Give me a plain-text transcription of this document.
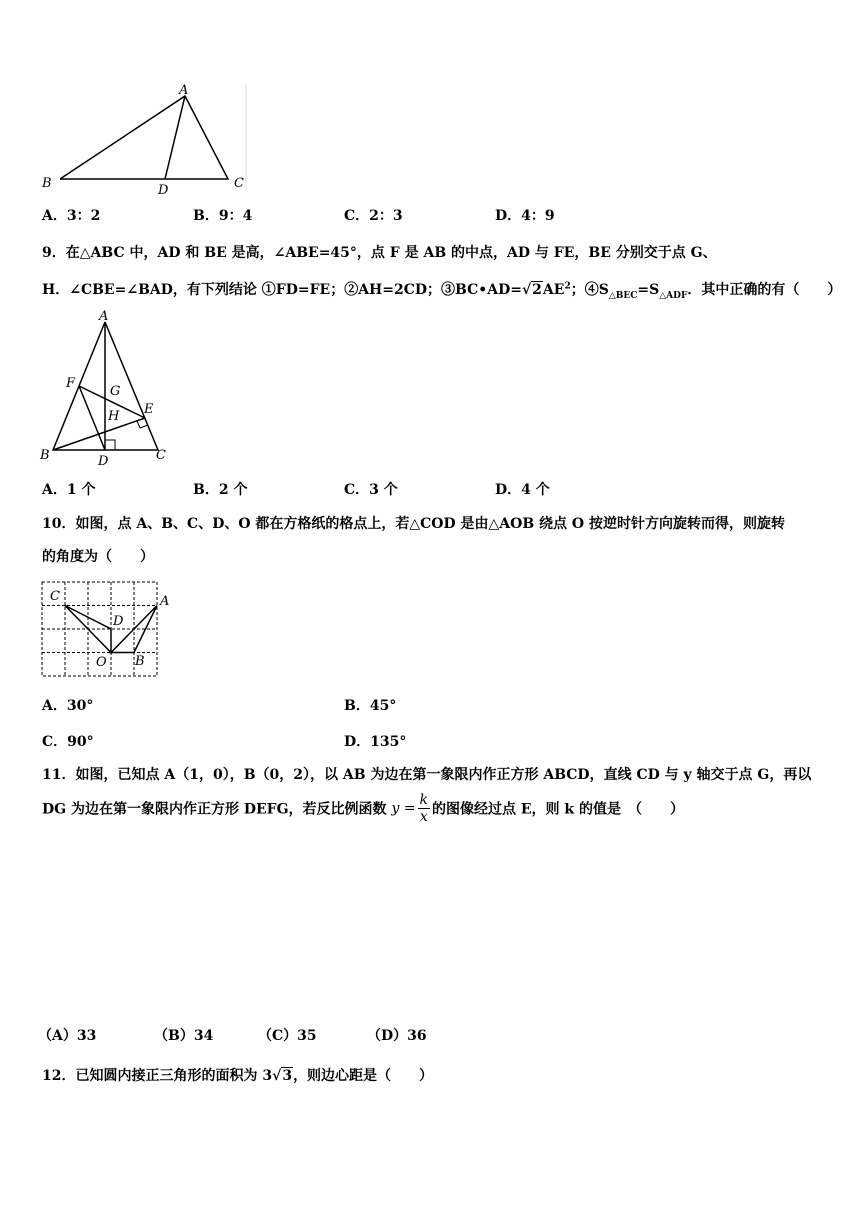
A
B	C
D
A．3：2	B．9：4	C．2：3	D．4：9
9．在△ABC 中，AD 和 BE 是高，∠ABE=45°，点 F 是 AB 的中点，AD 与 FE，BE 分别交于点 G、
H．∠CBE=∠BAD，有下列结论 ①FD=FE；②AH=2CD；$③BC•AD=√2AE^2$；$④S_{\triangle BEC}=S_{\triangle ADF}$．其中正确的有（　　）
A
B	C
D
E
F
G
H
A．1 个	B．2 个	C．3 个	D．4 个
10．如图，点 A、B、C、D、O 都在方格纸的格点上，若△COD 是由△AOB 绕点 O 按逆时针方向旋转而得，则旋转
的角度为（　　）
C	A
D
O B
A．30°	B．45°
C．90°	D．135°
11．如图，已知点 A（1，0），B（0，2），以 AB 为边在第一象限内作正方形 ABCD，直线 CD 与 y 轴交于点 G，再以
DG 为边在第一象限内作正方形 DEFG，若反比例函数 $y = \frac{k}{x}$ 的图像经过点 E，则 k 的值是　（　　）
（A）33	（B）34	（C）35	（D）36
12．已知圆内接正三角形的面积为 3√3，则边心距是（　　）
